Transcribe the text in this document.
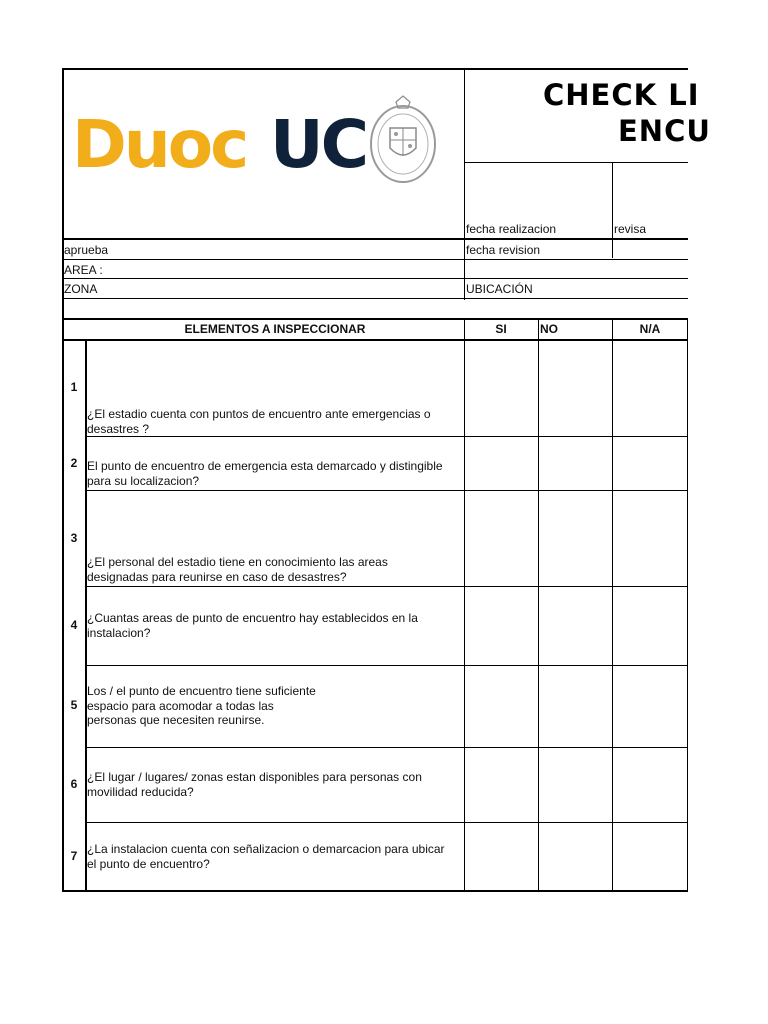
Duoc UC
CHECK LI
ENCU
fecha realizacion	revisa
aprueba	fecha revision
AREA :
ZONA	UBICACIÓN
ELEMENTOS A INSPECCIONAR	SI	NO	N/A
1
¿El estadio cuenta con puntos de encuentro ante emergencias o
desastres ?
2 El punto de encuentro de emergencia esta demarcado y distingible
para su localizacion?
3
¿El personal del estadio tiene en conocimiento las areas
designadas para reunirse en caso de desastres?
4 ¿Cuantas areas de punto de encuentro hay establecidos en la
instalacion?
5
Los / el punto de encuentro tiene suficiente
espacio para acomodar a todas las
personas que necesiten reunirse.
6 ¿El lugar / lugares/ zonas estan disponibles para personas con
movilidad reducida?
7 ¿La instalacion cuenta con señalizacion o demarcacion para ubicar
el punto de encuentro?
